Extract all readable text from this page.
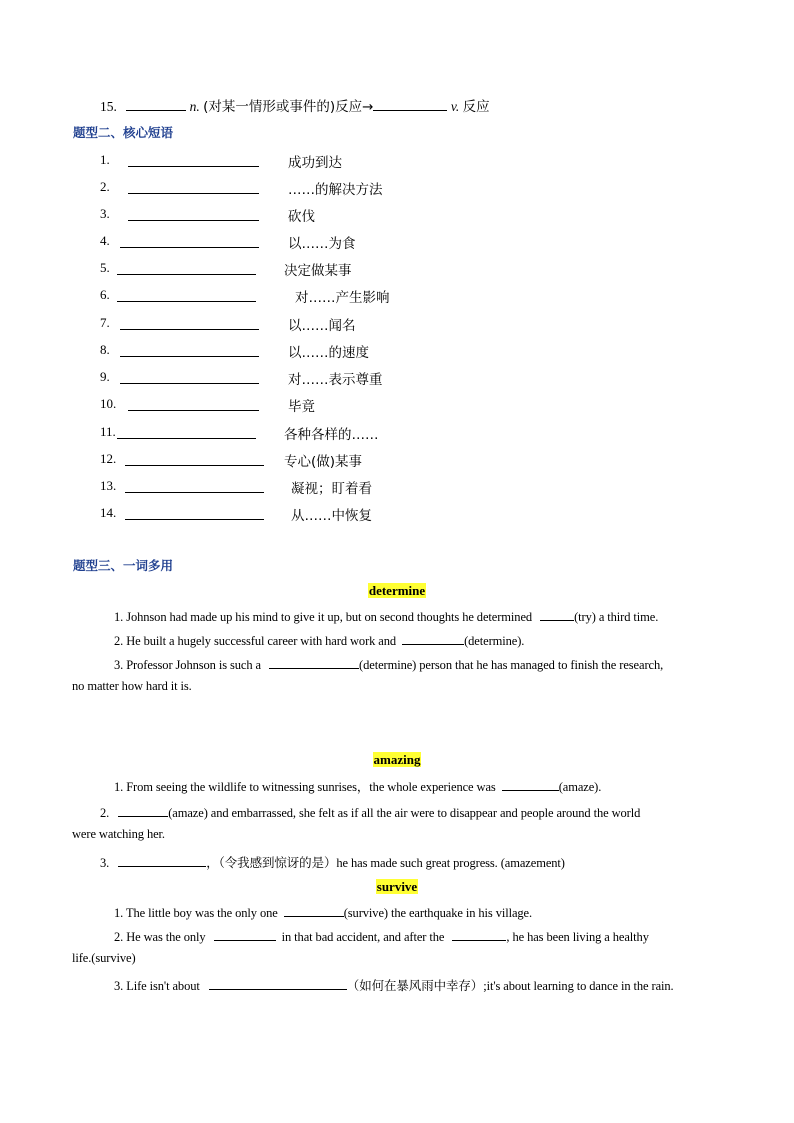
15.	n. (对某一情形或事件的)反应→	v. 反应
题型二、核心短语
1.	成功到达
2.	……的解决方法
3.	砍伐
4.	以……为食
5.	决定做某事
6.	对……产生影响
7.	以……闻名
8.	以……的速度
9.	对……表示尊重
10.	毕竟
11.	各种各样的……
12.	专心(做)某事
13.	凝视；盯着看
14.	从……中恢复
题型三、一词多用
determine
1. Johnson had made up his mind to give it up, but on second thoughts he determined	(try) a third time.
2. He built a hugely successful career with hard work and	(determine).
3. Professor Johnson is such a	(determine) person that he has managed to finish the research,
no matter how hard it is.
amazing
1. From seeing the wildlife to witnessing sunrises，the whole experience was	(amaze).
2.	(amaze) and embarrassed, she felt as if all the air were to disappear and people around the world
were watching her.
3.	，（令我感到惊讶的是）he has made such great progress. (amazement)
survive
1. The little boy was the only one	(survive) the earthquake in his village.
2. He was the only	in that bad accident, and after the	, he has been living a healthy
life.(survive)
3. Life isn't about	（如何在暴风雨中幸存）;it's about learning to dance in the rain.
